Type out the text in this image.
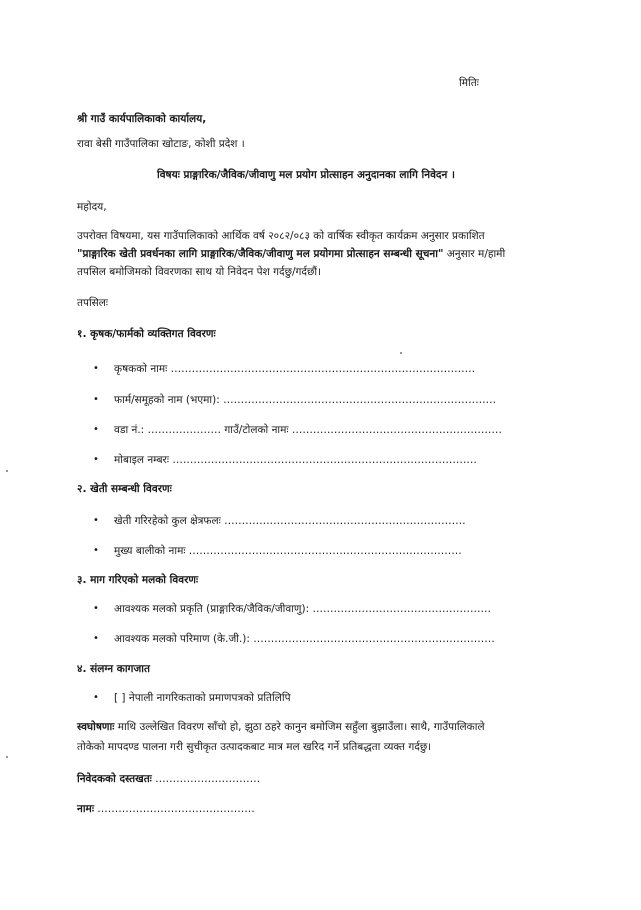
मितिः
श्री गाउँ कार्यपालिकाको कार्यालय,
रावा बेसी गाउँपालिका खोटाङ, कोशी प्रदेश ।
विषयः प्राङ्गारिक/जैविक/जीवाणु मल प्रयोग प्रोत्साहन अनुदानका लागि निवेदन ।
महोदय,
उपरोक्त विषयमा, यस गाउँपालिकाको आर्थिक वर्ष २०८२/०८३ को वार्षिक स्वीकृत कार्यक्रम अनुसार प्रकाशित
"प्राङ्गारिक खेती प्रवर्धनका लागि प्राङ्गारिक/जैविक/जीवाणु मल प्रयोगमा प्रोत्साहन सम्बन्धी सूचना" अनुसार म/हामी
तपसिल बमोजिमको विवरणका साथ यो निवेदन पेश गर्दछु/गर्दछौं।
तपसिलः
१. कृषक/फार्मको व्यक्तिगत विवरणः
• कृषकको नामः ……………………………………………………………………………
• फार्म/समूहको नाम (भएमा): ……………………………………………………………………
• वडा नं.: ………………… गाउँ/टोलको नामः ……………………………………………………
• मोबाइल नम्बरः ……………………………………………………………………………
२. खेती सम्बन्धी विवरणः
• खेती गरिरहेको कुल क्षेत्रफलः ……………………………………………………………
• मुख्य बालीको नामः ……………………………………………………………………
३. माग गरिएको मलको विवरणः
• आवश्यक मलको प्रकृति (प्राङ्गारिक/जैविक/जीवाणु): ……………………………………………
• आवश्यक मलको परिमाण (के.जी.): ……………………………………………………………
४. संलग्न कागजात
• [ ] नेपाली नागरिकताको प्रमाणपत्रको प्रतिलिपि
स्वघोषणाः माथि उल्लेखित विवरण साँचो हो, झुठा ठहरे कानुन बमोजिम सहुँला बुझाउँला। साथै, गाउँपालिकाले
तोकेको मापदण्ड पालना गरी सुचीकृत उत्पादकबाट मात्र मल खरिद गर्ने प्रतिबद्धता व्यक्त गर्दछु।
निवेदकको दस्तखतः …………………………
नामः ………………………………………
